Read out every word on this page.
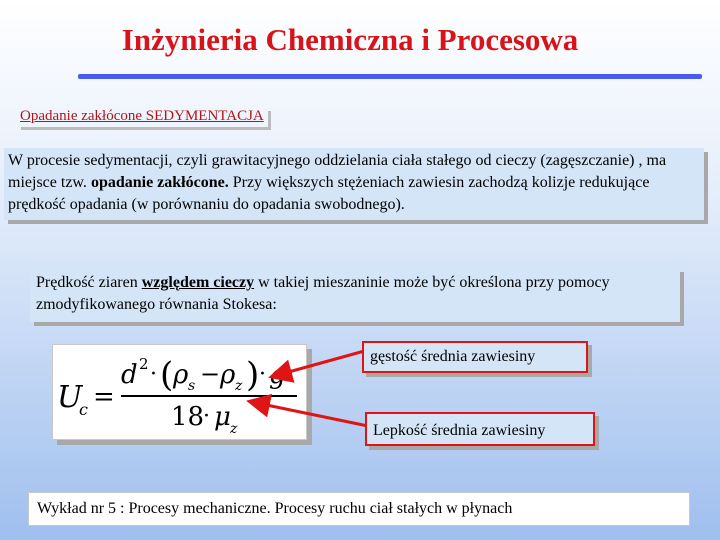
Inżynieria Chemiczna i Procesowa
Opadanie zakłócone SEDYMENTACJA
W procesie sedymentacji, czyli grawitacyjnego oddzielania ciała stałego od cieczy (zagęszczanie) , ma miejsce tzw. opadanie zakłócone. Przy większych stężeniach zawiesin zachodzą kolizje redukujące prędkość opadania (w porównaniu do opadania swobodnego).
Prędkość ziaren względem cieczy w takiej mieszaninie może być określona przy pomocy zmodyfikowanego równania Stokesa:
U
c =
d 2 · ( ρ s − ρ z ) · g
18
· μ z
gęstość średnia zawiesiny
Lepkość średnia zawiesiny
Wykład nr 5 : Procesy mechaniczne. Procesy ruchu ciał stałych w płynach
